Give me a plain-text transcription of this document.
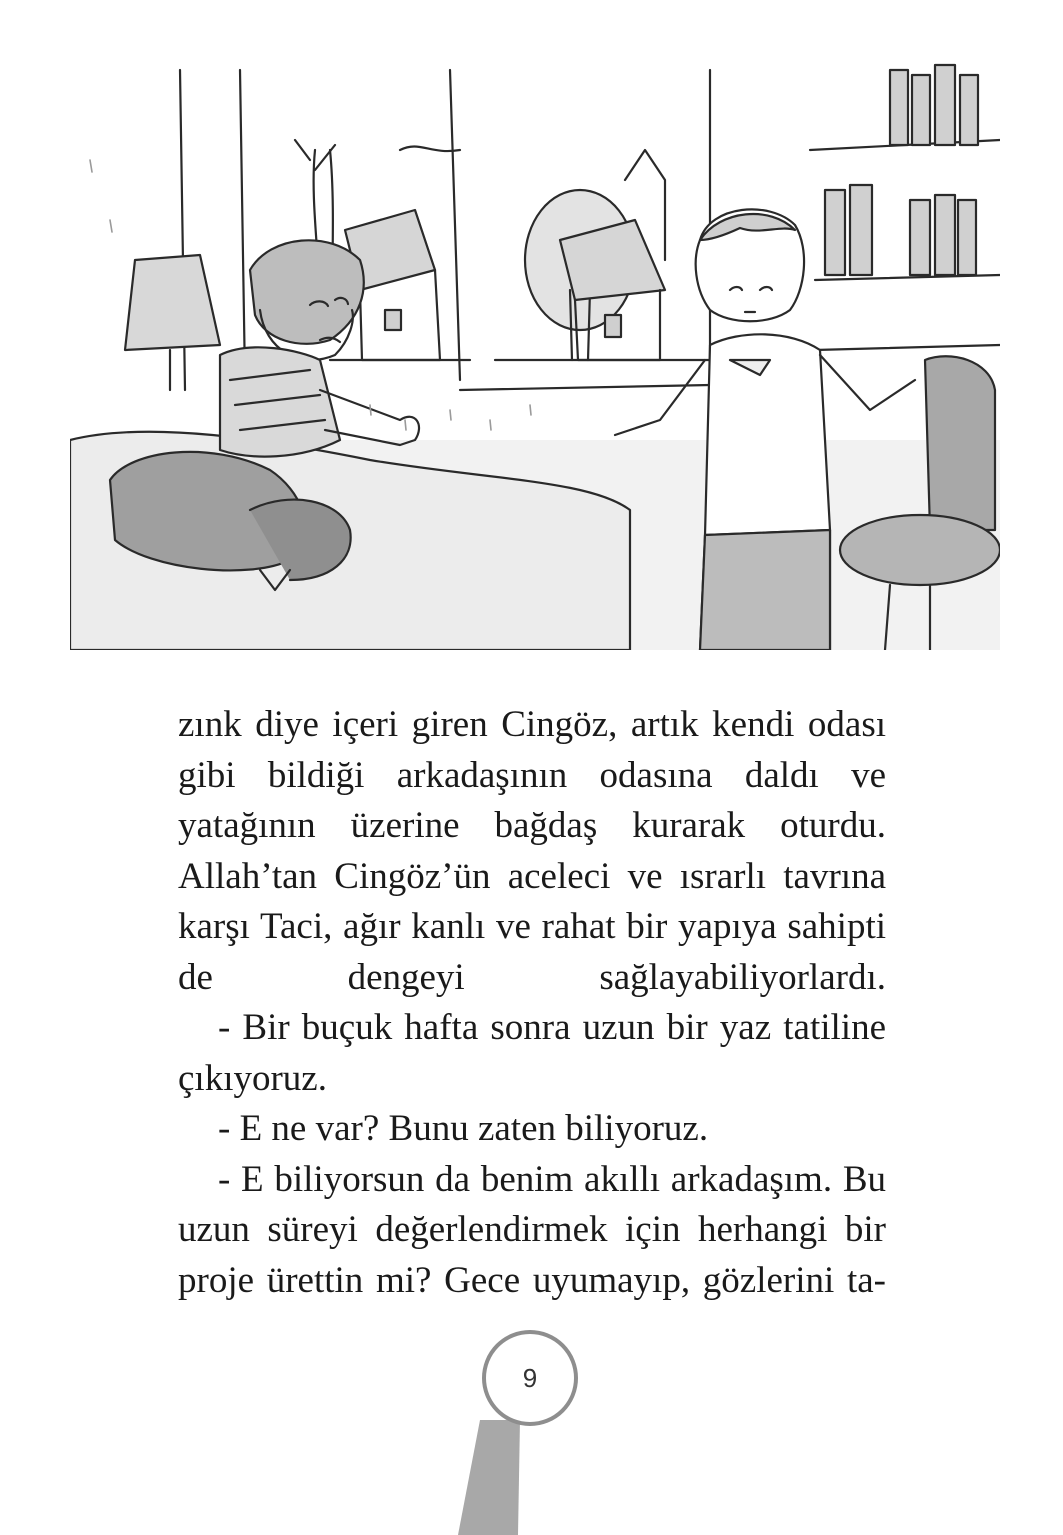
zınk diye içeri giren Cingöz, artık kendi odası gibi bildiği arkadaşının odasına daldı ve yatağının üzerine bağdaş kurarak oturdu. Allah’tan Cingöz’ün aceleci ve ısrarlı tavrına karşı Taci, ağır kanlı ve rahat bir yapıya sahipti de dengeyi sağlayabiliyorlardı.

- Bir buçuk hafta sonra uzun bir yaz tatiline çıkıyoruz.

- E ne var? Bunu zaten biliyoruz.

- E biliyorsun da benim akıllı arkadaşım. Bu uzun süreyi değerlendirmek için herhangi bir proje ürettin mi? Gece uyumayıp, gözlerini ta-

9
